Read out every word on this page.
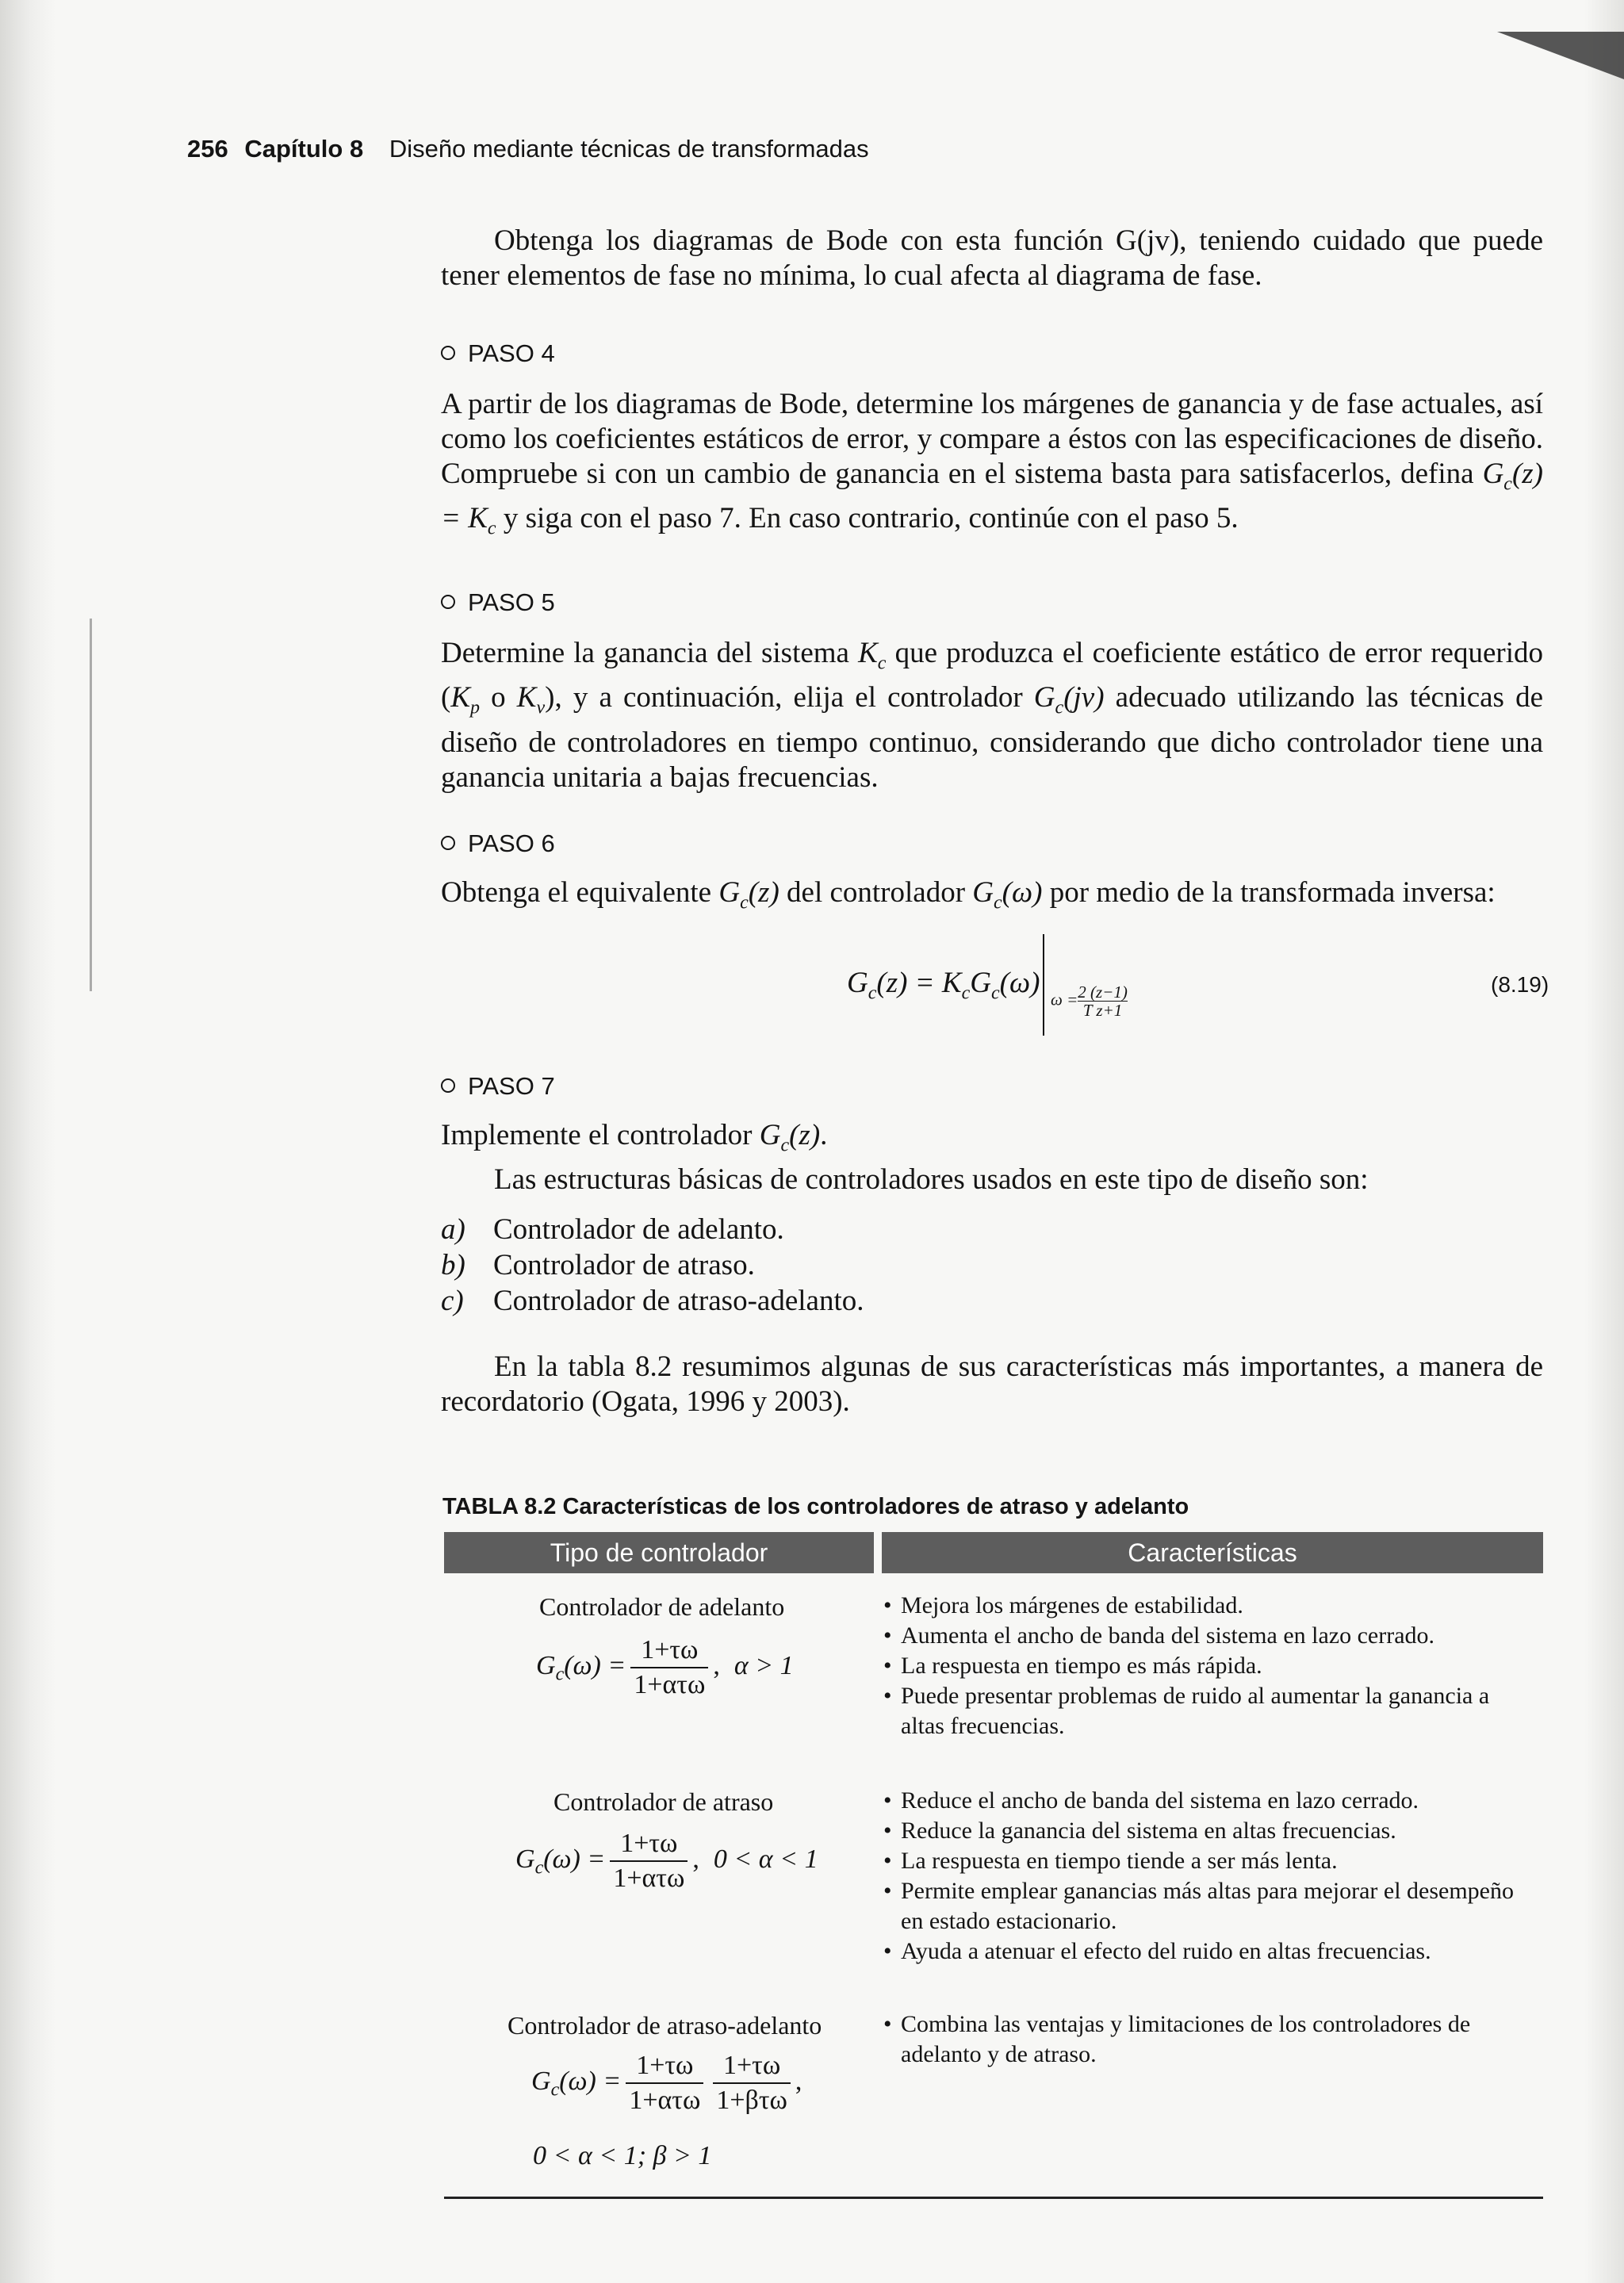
256 Capítulo 8 Diseño mediante técnicas de transformadas

Obtenga los diagramas de Bode con esta función G(jv), teniendo cuidado que puede tener elementos de fase no mínima, lo cual afecta al diagrama de fase.

PASO 4

A partir de los diagramas de Bode, determine los márgenes de ganancia y de fase actuales, así como los coeficientes estáticos de error, y compare a éstos con las especificaciones de diseño. Compruebe si con un cambio de ganancia en el sistema basta para satisfacerlos, defina $G_c(z) = K_c$ y siga con el paso 7. En caso contrario, continúe con el paso 5.

PASO 5

Determine la ganancia del sistema $K_c$ que produzca el coeficiente estático de error requerido ($K_p$ o $K_v$), y a continuación, elija el controlador $G_c(jv)$ adecuado utilizando las técnicas de diseño de controladores en tiempo continuo, considerando que dicho controlador tiene una ganancia unitaria a bajas frecuencias.

PASO 6

Obtenga el equivalente $G_c(z)$ del controlador $G_c(\omega)$ por medio de la transformada inversa:

$G_c(z) = K_cG_c(\omega)$
$\omega = \frac{2 (z-1)}{\text{T z+1}}$	(8.19)
PASO 7

Implemente el controlador $G_c(z)$.

Las estructuras básicas de controladores usados en este tipo de diseño son:

a) Controlador de adelanto.
b) Controlador de atraso.
c) Controlador de atraso-adelanto.

En la tabla 8.2 resumimos algunas de sus características más importantes, a manera de recordatorio (Ogata, 1996 y 2003).

TABLA 8.2 Características de los controladores de atraso y adelanto
Tipo de controlador	Características
Controlador de adelanto
$G_c(\omega) = \frac{1+\tau\omega}{\text{1+ατω}}$ , α > 1
• Mejora los márgenes de estabilidad.
• Aumenta el ancho de banda del sistema en lazo cerrado.
• La respuesta en tiempo es más rápida.
• Puede presentar problemas de ruido al aumentar la ganancia a altas frecuencias.
Controlador de atraso
$G_c(\omega) = \frac{1+\tau\omega}{\text{1+ατω}}$ , 0 < α < 1
• Reduce el ancho de banda del sistema en lazo cerrado.
• Reduce la ganancia del sistema en altas frecuencias.
• La respuesta en tiempo tiende a ser más lenta.
• Permite emplear ganancias más altas para mejorar el desempeño en estado estacionario.
• Ayuda a atenuar el efecto del ruido en altas frecuencias.
Controlador de atraso-adelanto
$G_c(\omega) = \frac{1+\tau\omega}{\text{1+ατω}} \frac{1+\tau\omega}{\text{1+βτω}}$ ,
0 < α < 1; β > 1
• Combina las ventajas y limitaciones de los controladores de adelanto y de atraso.
